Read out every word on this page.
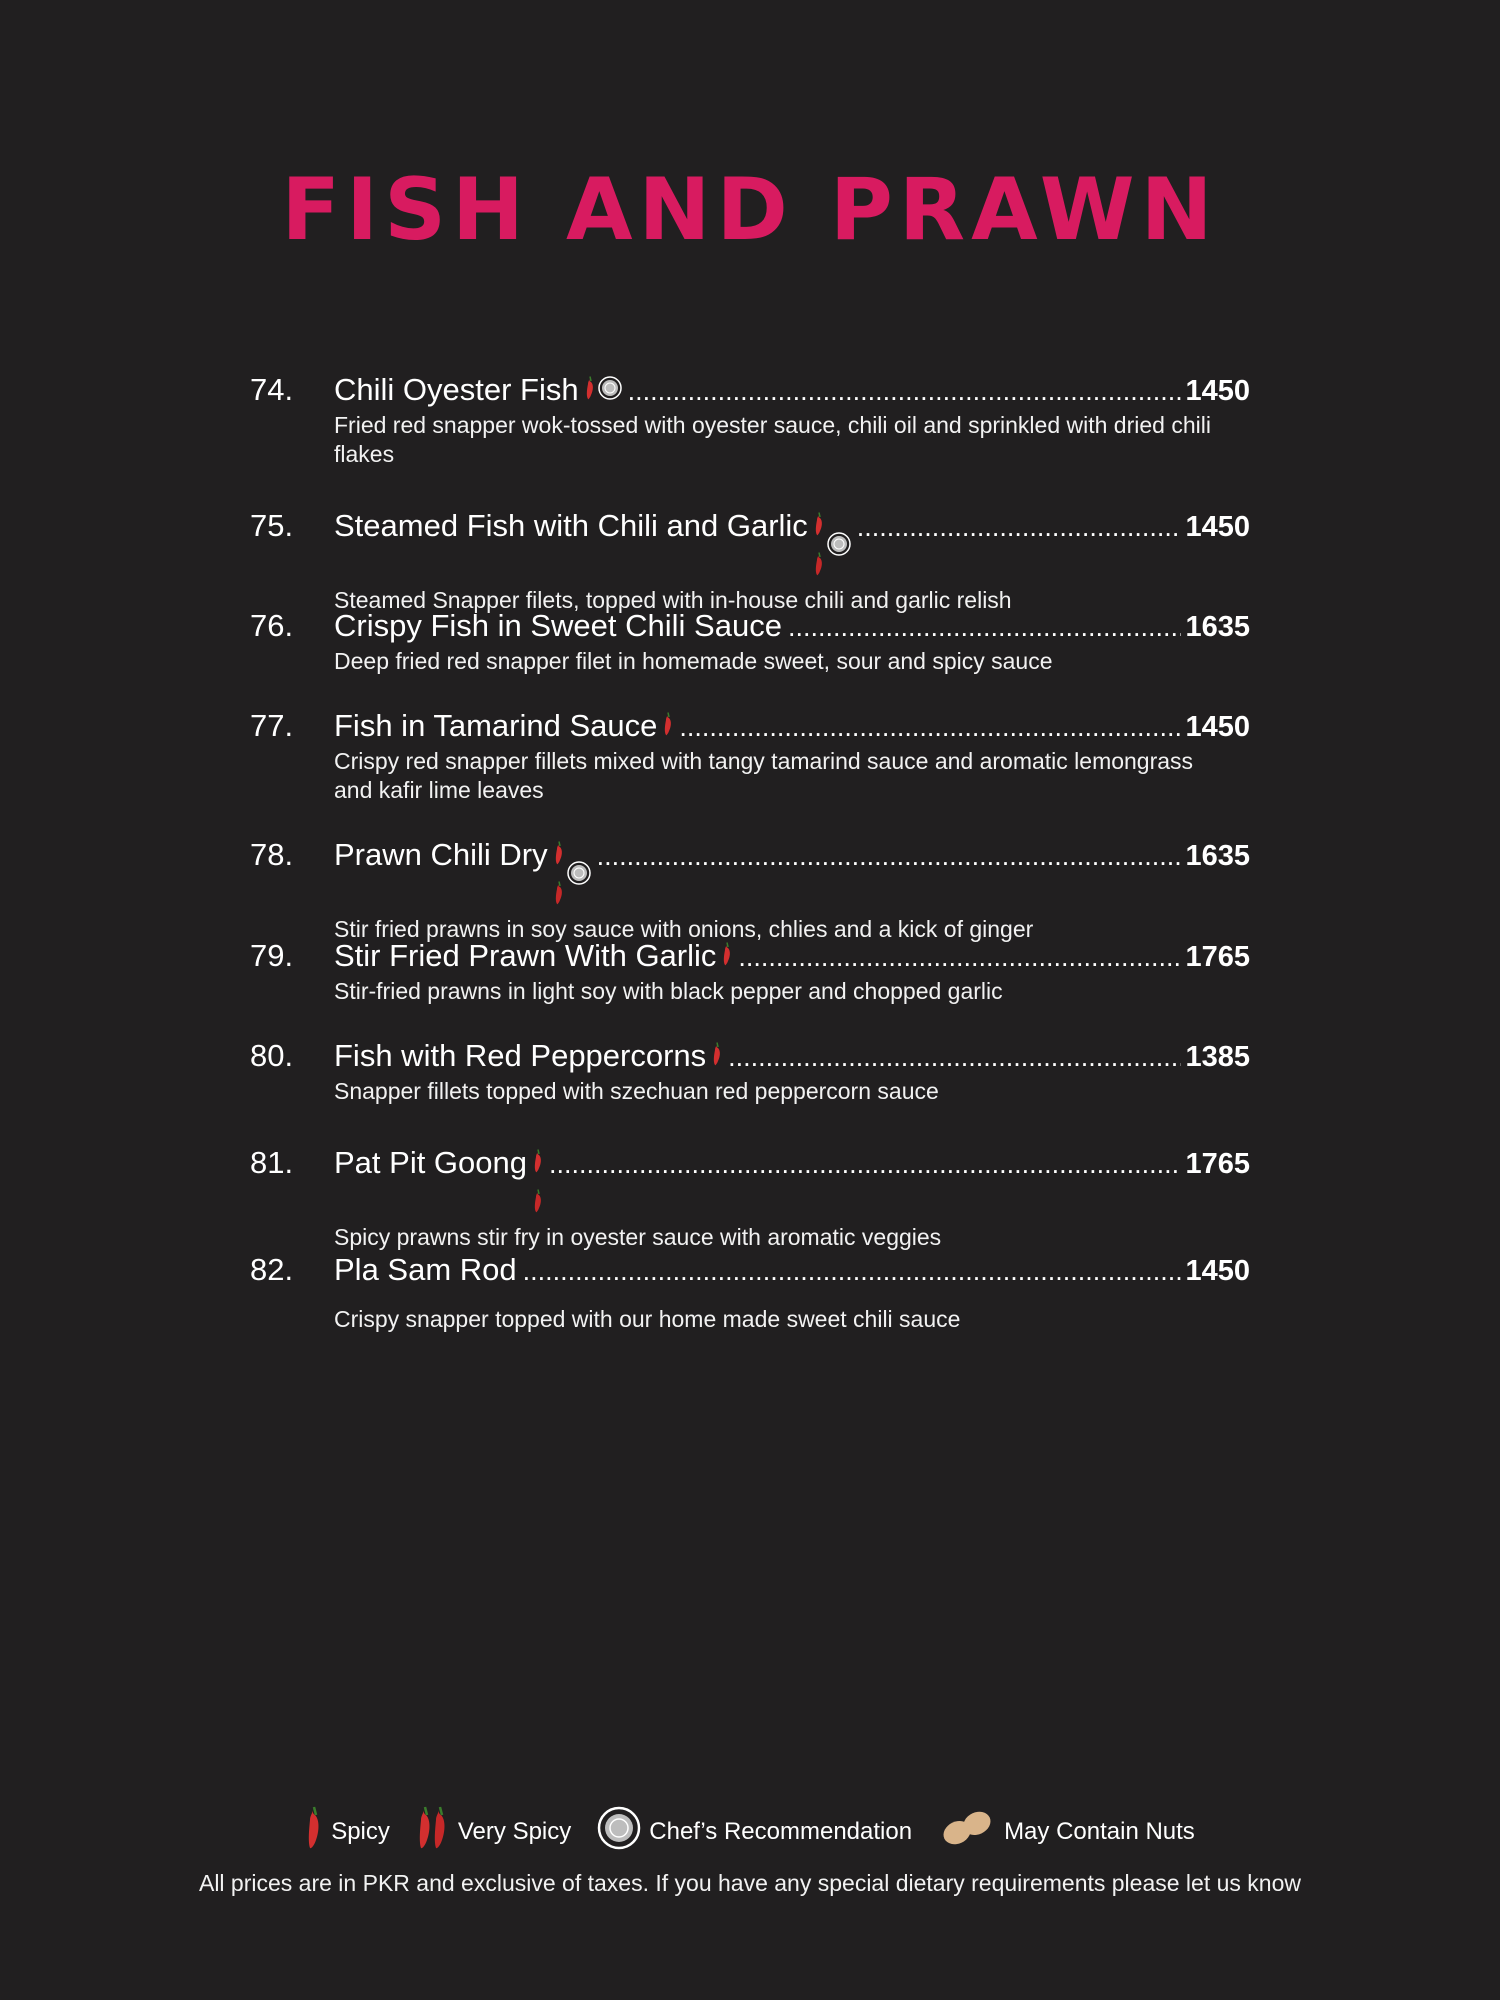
FISH AND PRAWN
74.	Chili Oyester Fish .....	1450
Fried red snapper wok-tossed with oyester sauce, chili oil and sprinkled with dried chili flakes
75.	Steamed Fish with Chili and Garlic .....	1450
Steamed Snapper filets, topped with in-house chili and garlic relish
76.	Crispy Fish in Sweet Chili Sauce .....	1635
Deep fried red snapper filet in homemade sweet, sour and spicy sauce
77.	Fish in Tamarind Sauce .....	1450
Crispy red snapper fillets mixed with tangy tamarind sauce and aromatic lemongrass and kafir lime leaves
78.	Prawn Chili Dry .....	1635
Stir fried prawns in soy sauce with onions, chlies and a kick of ginger
79.	Stir Fried Prawn With Garlic .....	1765
Stir-fried prawns in light soy with black pepper and chopped garlic
80.	Fish with Red Peppercorns .....	1385
Snapper fillets topped with szechuan red peppercorn sauce
81.	Pat Pit Goong .....	1765
Spicy prawns stir fry in oyester sauce with aromatic veggies
82.	Pla Sam Rod .....	1450
Crispy snapper topped with our home made sweet chili sauce
Spicy	Very Spicy	Chef’s Recommendation	May Contain Nuts
All prices are in PKR and exclusive of taxes. If you have any special dietary requirements please let us know
